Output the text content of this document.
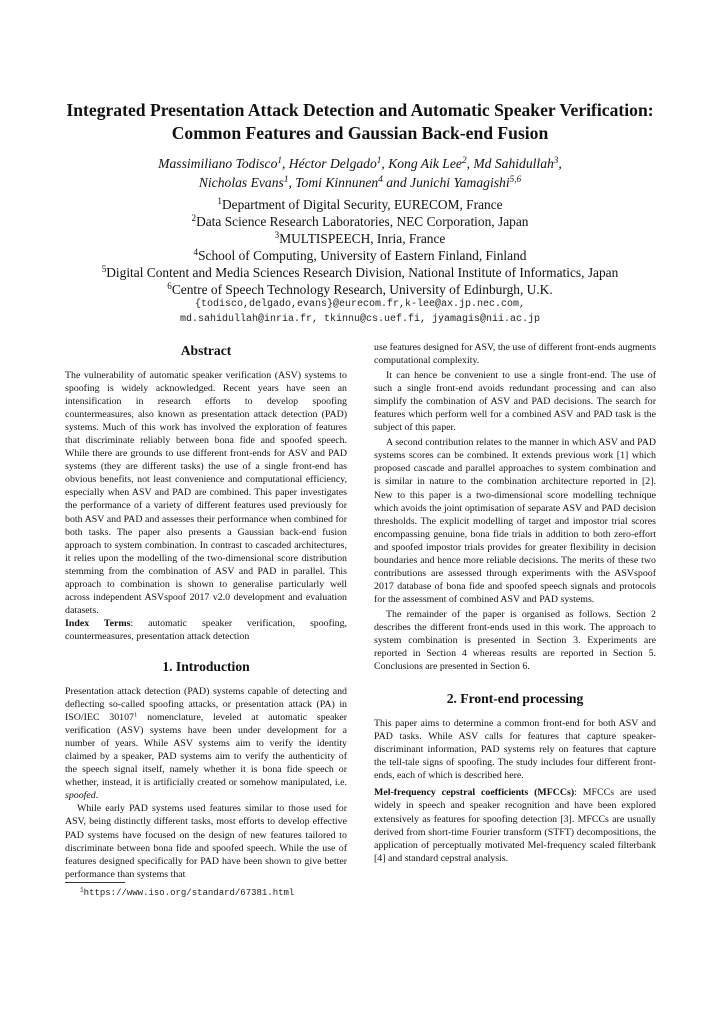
Integrated Presentation Attack Detection and Automatic Speaker Verification:
Common Features and Gaussian Back-end Fusion
Massimiliano Todisco$^1$, Héctor Delgado$^1$, Kong Aik Lee$^2$, Md Sahidullah$^3$,
Nicholas Evans$^1$, Tomi Kinnunen$^4$ and Junichi Yamagishi$^{5,6}$
$^1$Department of Digital Security, EURECOM, France
$^2$Data Science Research Laboratories, NEC Corporation, Japan
$^3$MULTISPEECH, Inria, France
$^4$School of Computing, University of Eastern Finland, Finland
$^5$Digital Content and Media Sciences Research Division, National Institute of Informatics, Japan
$^6$Centre of Speech Technology Research, University of Edinburgh, U.K.
{todisco,delgado,evans}@eurecom.fr,k-lee@ax.jp.nec.com,
md.sahidullah@inria.fr, tkinnu@cs.uef.fi, jyamagis@nii.ac.jp
Abstract

The vulnerability of automatic speaker verification (ASV) systems to spoofing is widely acknowledged. Recent years have seen an intensification in research efforts to develop spoofing countermeasures, also known as presentation attack detection (PAD) systems. Much of this work has involved the exploration of features that discriminate reliably between bona fide and spoofed speech. While there are grounds to use different front-ends for ASV and PAD systems (they are different tasks) the use of a single front-end has obvious benefits, not least convenience and computational efficiency, especially when ASV and PAD are combined. This paper investigates the performance of a variety of different features used previously for both ASV and PAD and assesses their performance when combined for both tasks. The paper also presents a Gaussian back-end fusion approach to system combination. In contrast to cascaded architectures, it relies upon the modelling of the two-dimensional score distribution stemming from the combination of ASV and PAD in parallel. This approach to combination is shown to generalise particularly well across independent ASVspoof 2017 v2.0 development and evaluation datasets.

Index Terms: automatic speaker verification, spoofing, countermeasures, presentation attack detection

1. Introduction

Presentation attack detection (PAD) systems capable of detecting and deflecting so-called spoofing attacks, or presentation attack (PA) in ISO/IEC 30107$^1$ nomenclature, leveled at automatic speaker verification (ASV) systems have been under development for a number of years. While ASV systems aim to verify the identity claimed by a speaker, PAD systems aim to verify the authenticity of the speech signal itself, namely whether it is bona fide speech or whether, instead, it is artificially created or somehow manipulated, i.e. spoofed.

While early PAD systems used features similar to those used for ASV, being distinctly different tasks, most efforts to develop effective PAD systems have focused on the design of new features tailored to discriminate between bona fide and spoofed speech. While the use of features designed specifically for PAD have been shown to give better performance than systems that

use features designed for ASV, the use of different front-ends augments computational complexity.

It can hence be convenient to use a single front-end. The use of such a single front-end avoids redundant processing and can also simplify the combination of ASV and PAD decisions. The search for features which perform well for a combined ASV and PAD task is the subject of this paper.

A second contribution relates to the manner in which ASV and PAD systems scores can be combined. It extends previous work [1] which proposed cascade and parallel approaches to system combination and is similar in nature to the combination architecture reported in [2]. New to this paper is a two-dimensional score modelling technique which avoids the joint optimisation of separate ASV and PAD decision thresholds. The explicit modelling of target and impostor trial scores encompassing genuine, bona fide trials in addition to both zero-effort and spoofed impostor trials provides for greater flexibility in decision boundaries and hence more reliable decisions. The merits of these two contributions are assessed through experiments with the ASVspoof 2017 database of bona fide and spoofed speech signals and protocols for the assessment of combined ASV and PAD systems.

The remainder of the paper is organised as follows. Section 2 describes the different front-ends used in this work. The approach to system combination is presented in Section 3. Experiments are reported in Section 4 whereas results are reported in Section 5. Conclusions are presented in Section 6.

2. Front-end processing

This paper aims to determine a common front-end for both ASV and PAD tasks. While ASV calls for features that capture speaker-discriminant information, PAD systems rely on features that capture the tell-tale signs of spoofing. The study includes four different front-ends, each of which is described here.

Mel-frequency cepstral coefficients (MFCCs): MFCCs are used widely in speech and speaker recognition and have been explored extensively as features for spoofing detection [3]. MFCCs are usually derived from short-time Fourier transform (STFT) decompositions, the application of perceptually motivated Mel-frequency scaled filterbank [4] and standard cepstral analysis.

$^1$https://www.iso.org/standard/67381.html
